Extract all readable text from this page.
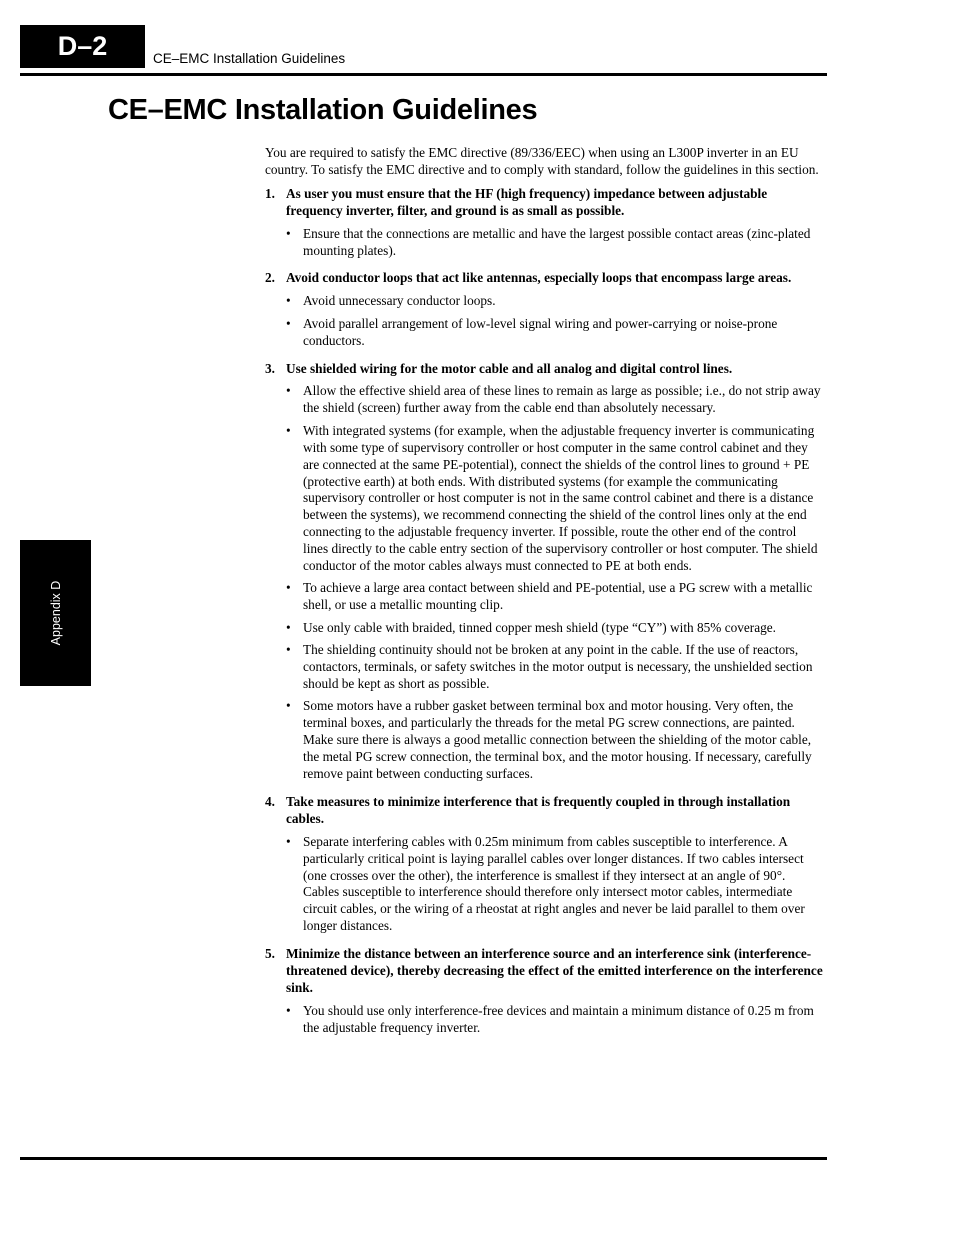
D–2	CE–EMC Installation Guidelines
CE–EMC Installation Guidelines
Appendix D

You are required to satisfy the EMC directive (89/336/EEC) when using an L300P inverter in an EU country. To satisfy the EMC directive and to comply with standard, follow the guidelines in this section.

1. As user you must ensure that the HF (high frequency) impedance between adjustable frequency inverter, filter, and ground is as small as possible.
• Ensure that the connections are metallic and have the largest possible contact areas (zinc-plated mounting plates).
2. Avoid conductor loops that act like antennas, especially loops that encompass large areas.
• Avoid unnecessary conductor loops.
• Avoid parallel arrangement of low-level signal wiring and power-carrying or noise-prone conductors.
3. Use shielded wiring for the motor cable and all analog and digital control lines.
• Allow the effective shield area of these lines to remain as large as possible; i.e., do not strip away the shield (screen) further away from the cable end than absolutely necessary.
• With integrated systems (for example, when the adjustable frequency inverter is communicating with some type of supervisory controller or host computer in the same control cabinet and they are connected at the same PE-potential), connect the shields of the control lines to ground + PE (protective earth) at both ends. With distributed systems (for example the communicating supervisory controller or host computer is not in the same control cabinet and there is a distance between the systems), we recommend connecting the shield of the control lines only at the end connecting to the adjustable frequency inverter. If possible, route the other end of the control lines directly to the cable entry section of the supervisory controller or host computer. The shield conductor of the motor cables always must connected to PE at both ends.
• To achieve a large area contact between shield and PE-potential, use a PG screw with a metallic shell, or use a metallic mounting clip.
• Use only cable with braided, tinned copper mesh shield (type “CY”) with 85% coverage.
• The shielding continuity should not be broken at any point in the cable. If the use of reactors, contactors, terminals, or safety switches in the motor output is necessary, the unshielded section should be kept as short as possible.
• Some motors have a rubber gasket between terminal box and motor housing. Very often, the terminal boxes, and particularly the threads for the metal PG screw connections, are painted. Make sure there is always a good metallic connection between the shielding of the motor cable, the metal PG screw connection, the terminal box, and the motor housing. If necessary, carefully remove paint between conducting surfaces.
4. Take measures to minimize interference that is frequently coupled in through installation cables.
• Separate interfering cables with 0.25m minimum from cables susceptible to interference. A particularly critical point is laying parallel cables over longer distances. If two cables intersect (one crosses over the other), the interference is smallest if they intersect at an angle of 90°. Cables susceptible to interference should therefore only intersect motor cables, intermediate circuit cables, or the wiring of a rheostat at right angles and never be laid parallel to them over longer distances.
5. Minimize the distance between an interference source and an interference sink (interference-threatened device), thereby decreasing the effect of the emitted interference on the interference sink.
• You should use only interference-free devices and maintain a minimum distance of 0.25 m from the adjustable frequency inverter.
